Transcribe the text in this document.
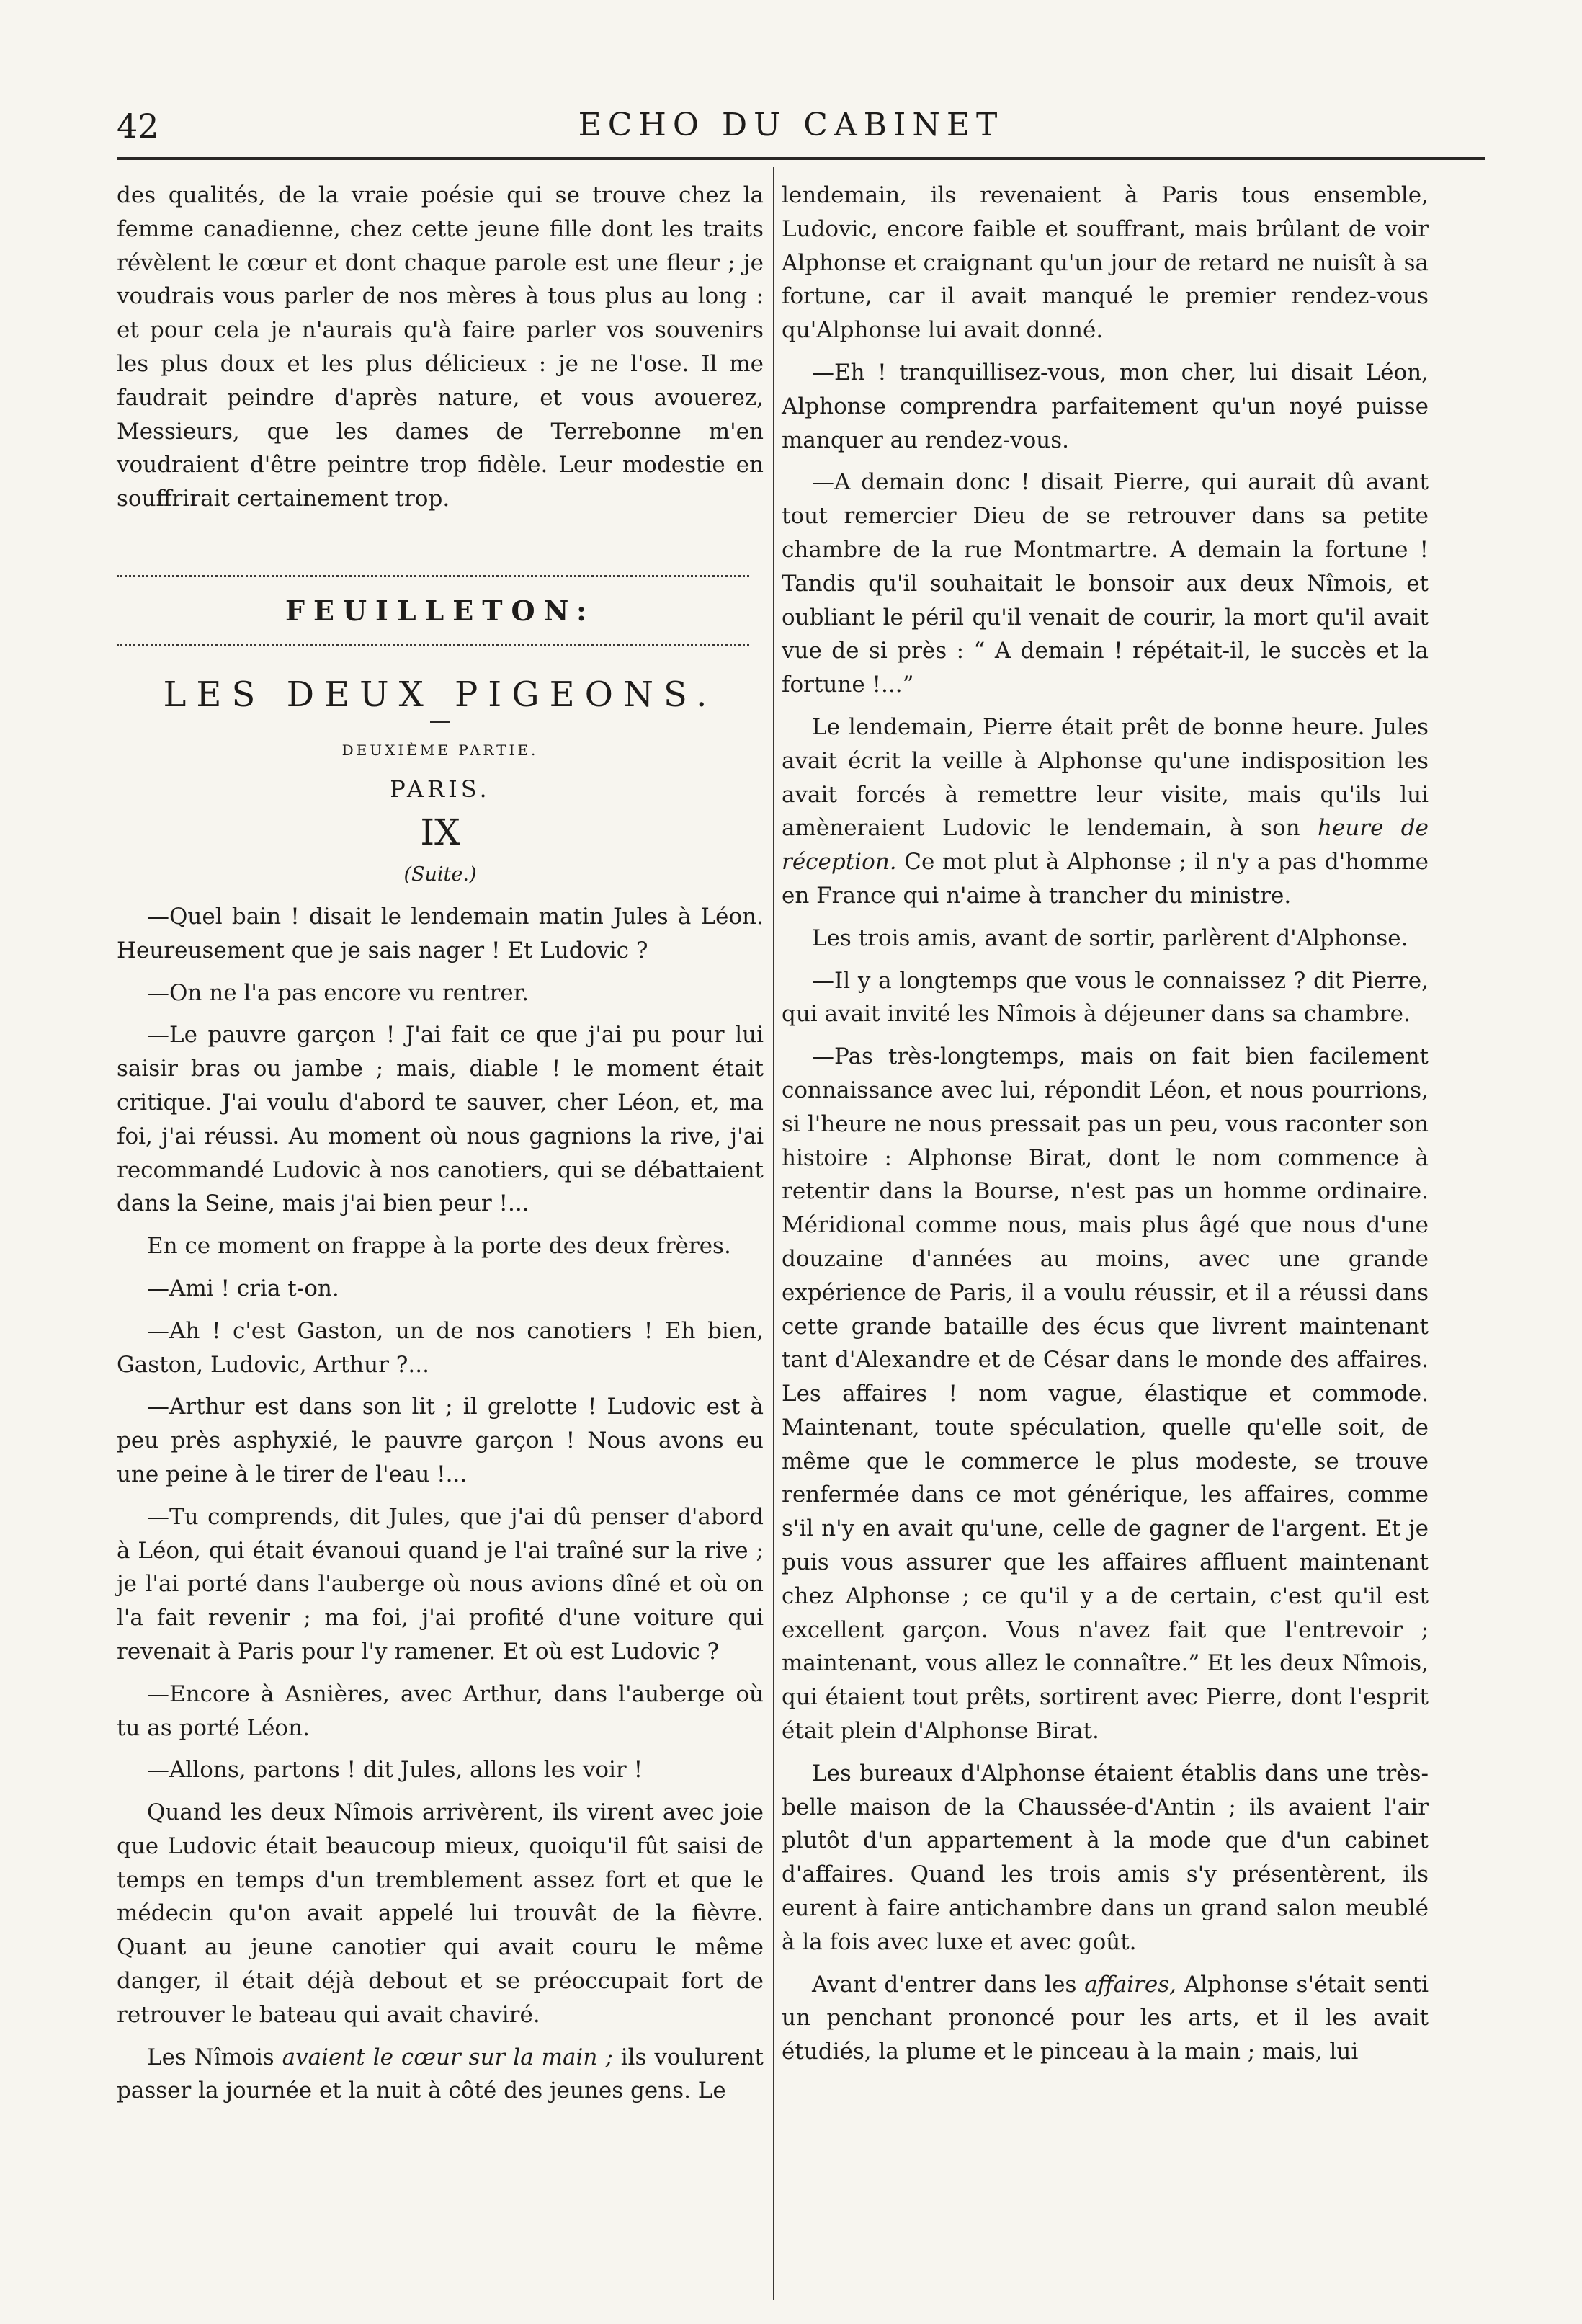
42	ECHO DU CABINET

des qualités, de la vraie poésie qui se trouve chez la femme canadienne, chez cette jeune fille dont les traits révèlent le cœur et dont chaque parole est une fleur ; je voudrais vous parler de nos mères à tous plus au long : et pour cela je n'aurais qu'à faire parler vos souvenirs les plus doux et les plus délicieux : je ne l'ose. Il me faudrait peindre d'après nature, et vous avouerez, Messieurs, que les dames de Terrebonne m'en voudraient d'être peintre trop fidèle. Leur modestie en souffrirait certainement trop.

FEUILLETON:
LES DEUX PIGEONS.
DEUXIÈME PARTIE.
PARIS.
IX
(Suite.)

—Quel bain ! disait le lendemain matin Jules à Léon. Heureusement que je sais nager ! Et Ludovic ?

—On ne l'a pas encore vu rentrer.

—Le pauvre garçon ! J'ai fait ce que j'ai pu pour lui saisir bras ou jambe ; mais, diable ! le moment était critique. J'ai voulu d'abord te sauver, cher Léon, et, ma foi, j'ai réussi. Au moment où nous gagnions la rive, j'ai recommandé Ludovic à nos canotiers, qui se débattaient dans la Seine, mais j'ai bien peur !...

En ce moment on frappe à la porte des deux frères.

—Ami ! cria t-on.

—Ah ! c'est Gaston, un de nos canotiers ! Eh bien, Gaston, Ludovic, Arthur ?...

—Arthur est dans son lit ; il grelotte ! Ludovic est à peu près asphyxié, le pauvre garçon ! Nous avons eu une peine à le tirer de l'eau !...

—Tu comprends, dit Jules, que j'ai dû penser d'abord à Léon, qui était évanoui quand je l'ai traîné sur la rive ; je l'ai porté dans l'auberge où nous avions dîné et où on l'a fait revenir ; ma foi, j'ai profité d'une voiture qui revenait à Paris pour l'y ramener. Et où est Ludovic ?

—Encore à Asnières, avec Arthur, dans l'auberge où tu as porté Léon.

—Allons, partons ! dit Jules, allons les voir !

Quand les deux Nîmois arrivèrent, ils virent avec joie que Ludovic était beaucoup mieux, quoiqu'il fût saisi de temps en temps d'un tremblement assez fort et que le médecin qu'on avait appelé lui trouvât de la fièvre. Quant au jeune canotier qui avait couru le même danger, il était déjà debout et se préoccupait fort de retrouver le bateau qui avait chaviré.

Les Nîmois avaient le cœur sur la main ; ils voulurent passer la journée et la nuit à côté des jeunes gens. Le

lendemain, ils revenaient à Paris tous ensemble, Ludovic, encore faible et souffrant, mais brûlant de voir Alphonse et craignant qu'un jour de retard ne nuisît à sa fortune, car il avait manqué le premier rendez-vous qu'Alphonse lui avait donné.

—Eh ! tranquillisez-vous, mon cher, lui disait Léon, Alphonse comprendra parfaitement qu'un noyé puisse manquer au rendez-vous.

—A demain donc ! disait Pierre, qui aurait dû avant tout remercier Dieu de se retrouver dans sa petite chambre de la rue Montmartre. A demain la fortune ! Tandis qu'il souhaitait le bonsoir aux deux Nîmois, et oubliant le péril qu'il venait de courir, la mort qu'il avait vue de si près : “ A demain ! répétait-il, le succès et la fortune !...”

Le lendemain, Pierre était prêt de bonne heure. Jules avait écrit la veille à Alphonse qu'une indisposition les avait forcés à remettre leur visite, mais qu'ils lui amèneraient Ludovic le lendemain, à son heure de réception. Ce mot plut à Alphonse ; il n'y a pas d'homme en France qui n'aime à trancher du ministre.

Les trois amis, avant de sortir, parlèrent d'Alphonse.

—Il y a longtemps que vous le connaissez ? dit Pierre, qui avait invité les Nîmois à déjeuner dans sa chambre.

—Pas très-longtemps, mais on fait bien facilement connaissance avec lui, répondit Léon, et nous pourrions, si l'heure ne nous pressait pas un peu, vous raconter son histoire : Alphonse Birat, dont le nom commence à retentir dans la Bourse, n'est pas un homme ordinaire. Méridional comme nous, mais plus âgé que nous d'une douzaine d'années au moins, avec une grande expérience de Paris, il a voulu réussir, et il a réussi dans cette grande bataille des écus que livrent maintenant tant d'Alexandre et de César dans le monde des affaires. Les affaires ! nom vague, élastique et commode. Maintenant, toute spéculation, quelle qu'elle soit, de même que le commerce le plus modeste, se trouve renfermée dans ce mot générique, les affaires, comme s'il n'y en avait qu'une, celle de gagner de l'argent. Et je puis vous assurer que les affaires affluent maintenant chez Alphonse ; ce qu'il y a de certain, c'est qu'il est excellent garçon. Vous n'avez fait que l'entrevoir ; maintenant, vous allez le connaître.” Et les deux Nîmois, qui étaient tout prêts, sortirent avec Pierre, dont l'esprit était plein d'Alphonse Birat.

Les bureaux d'Alphonse étaient établis dans une très-belle maison de la Chaussée-d'Antin ; ils avaient l'air plutôt d'un appartement à la mode que d'un cabinet d'affaires. Quand les trois amis s'y présentèrent, ils eurent à faire antichambre dans un grand salon meublé à la fois avec luxe et avec goût.

Avant d'entrer dans les affaires, Alphonse s'était senti un penchant prononcé pour les arts, et il les avait étudiés, la plume et le pinceau à la main ; mais, lui
